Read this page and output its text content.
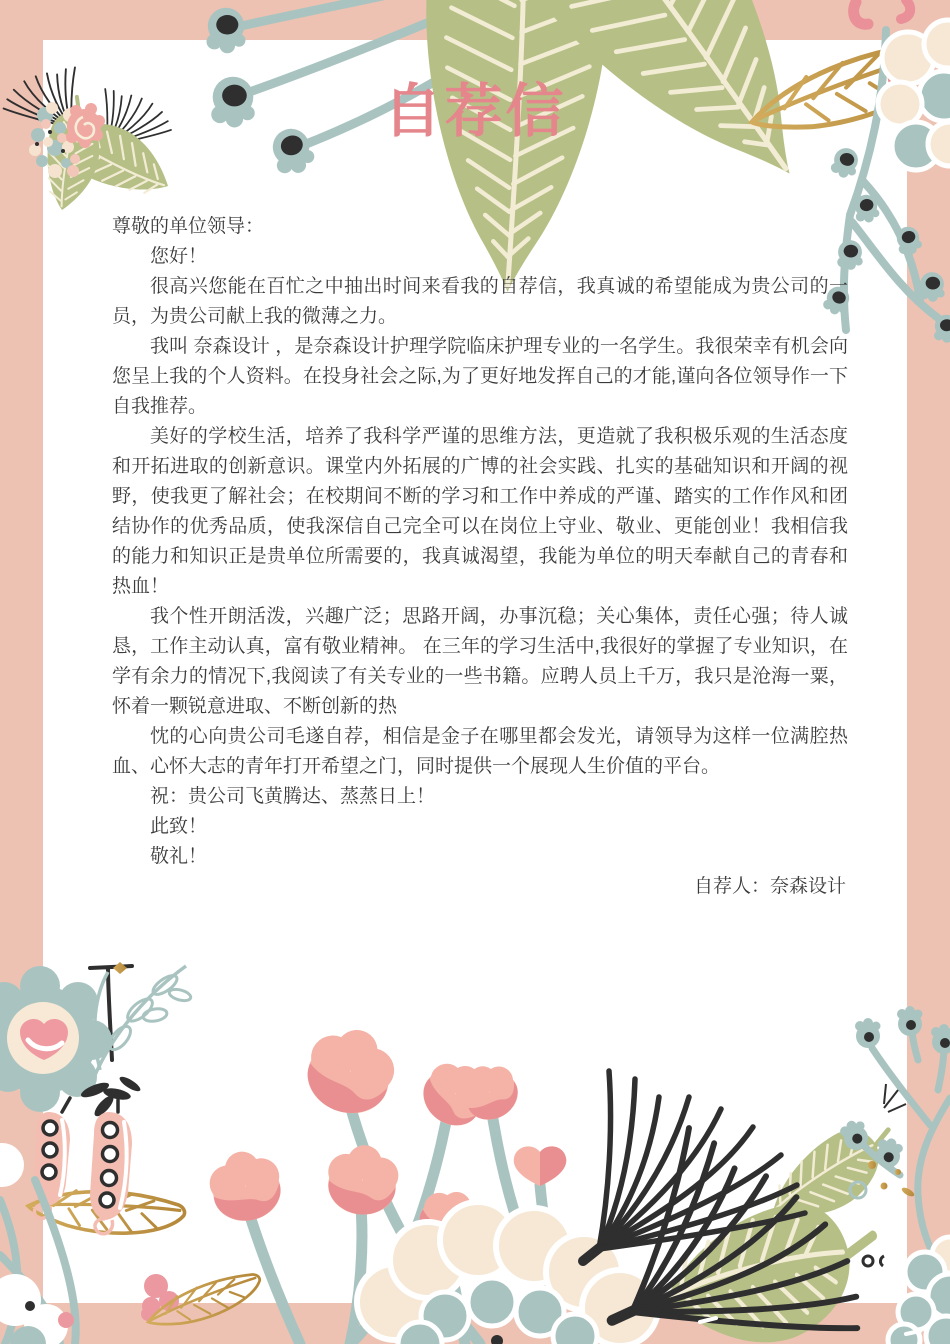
自荐信

尊敬的单位领导：

您好！

很高兴您能在百忙之中抽出时间来看我的自荐信，我真诚的希望能成为贵公司的一员，为贵公司献上我的微薄之力。

我叫 奈森设计 ，是奈森设计护理学院临床护理专业的一名学生。我很荣幸有机会向您呈上我的个人资料。在投身社会之际,为了更好地发挥自己的才能,谨向各位领导作一下自我推荐。

美好的学校生活，培养了我科学严谨的思维方法，更造就了我积极乐观的生活态度和开拓进取的创新意识。课堂内外拓展的广博的社会实践、扎实的基础知识和开阔的视野，使我更了解社会；在校期间不断的学习和工作中养成的严谨、踏实的工作作风和团结协作的优秀品质，使我深信自己完全可以在岗位上守业、敬业、更能创业！我相信我的能力和知识正是贵单位所需要的，我真诚渴望，我能为单位的明天奉献自己的青春和热血！

我个性开朗活泼，兴趣广泛；思路开阔，办事沉稳；关心集体，责任心强；待人诚恳，工作主动认真，富有敬业精神。 在三年的学习生活中,我很好的掌握了专业知识，在学有余力的情况下,我阅读了有关专业的一些书籍。应聘人员上千万，我只是沧海一粟，怀着一颗锐意进取、不断创新的热

忱的心向贵公司毛遂自荐，相信是金子在哪里都会发光，请领导为这样一位满腔热血、心怀大志的青年打开希望之门，同时提供一个展现人生价值的平台。

祝：贵公司飞黄腾达、蒸蒸日上！

此致！

敬礼！

自荐人：奈森设计
